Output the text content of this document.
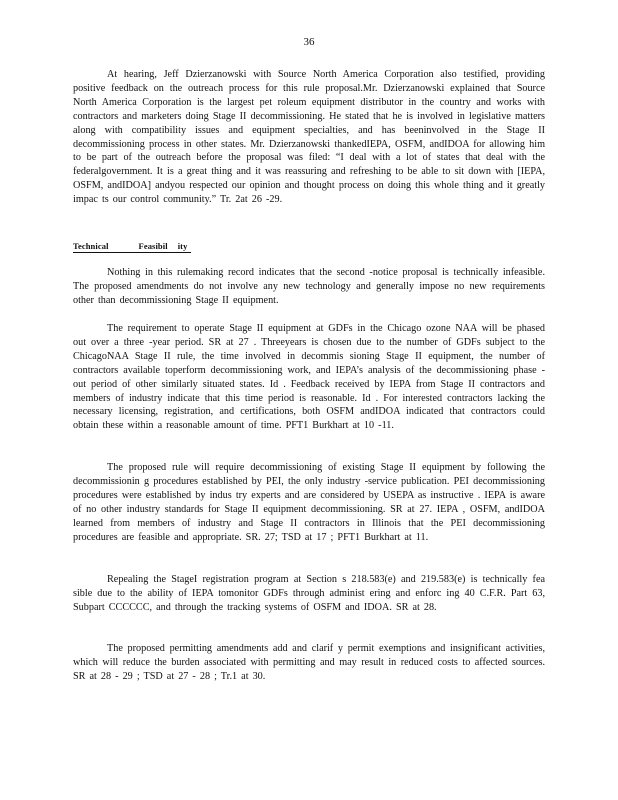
36

At hearing, Jeff Dzierzanowski with Source North America Corporation also testified, providing positive feedback on the outreach process for this rule proposal.Mr. Dzierzanowski explained that Source North America Corporation is the largest pet roleum equipment distributor in the country and works with contractors and marketers doing Stage II decommissioning. He stated that he is involved in legislative matters along with compatibility issues and equipment specialties, and has beeninvolved in the Stage II decommissioning process in other states. Mr. Dzierzanowski thankedIEPA, OSFM, andIDOA for allowing him to be part of the outreach before the proposal was filed: “I deal with a lot of states that deal with the federalgovernment. It is a great thing and it was reassuring and refreshing to be able to sit down with [IEPA, OSFM, andIDOA] andyou respected our opinion and thought process on doing this whole thing and it greatly impac ts our control community.” Tr. 2at 26 -29.

Technical	Feasibil ity

Nothing in this rulemaking record indicates that the second -notice proposal is technically infeasible. The proposed amendments do not involve any new technology and generally impose no new requirements other than decommissioning Stage II equipment.

The requirement to operate Stage II equipment at GDFs in the Chicago ozone NAA will be phased out over a three -year period. SR at 27 . Threeyears is chosen due to the number of GDFs subject to the ChicagoNAA Stage II rule, the time involved in decommis sioning Stage II equipment, the number of contractors available toperform decommissioning work, and IEPA’s analysis of the decommissioning phase -out period of other similarly situated states. Id . Feedback received by IEPA from Stage II contractors and members of industry indicate that this time period is reasonable. Id . For interested contractors lacking the necessary licensing, registration, and certifications, both OSFM andIDOA indicated that contractors could obtain these within a reasonable amount of time. PFT1 Burkhart at 10 -11.

The proposed rule will require decommissioning of existing Stage II equipment by following the decommissionin g procedures established by PEI, the only industry -service publication. PEI decommissioning procedures were established by indus try experts and are considered by USEPA as instructive . IEPA is aware of no other industry standards for Stage II equipment decommissioning. SR at 27. IEPA , OSFM, andIDOA learned from members of industry and Stage II contractors in Illinois that the PEI decommissioning procedures are feasible and appropriate. SR. 27; TSD at 17 ; PFT1 Burkhart at 11.

Repealing the StageI registration program at Section s 218.583(e) and 219.583(e) is technically fea sible due to the ability of IEPA tomonitor GDFs through administ ering and enforc ing 40 C.F.R. Part 63, Subpart CCCCCC, and through the tracking systems of OSFM and IDOA. SR at 28.

The proposed permitting amendments add and clarif y permit exemptions and insignificant activities, which will reduce the burden associated with permitting and may result in reduced costs to affected sources. SR at 28 - 29 ; TSD at 27 - 28 ; Tr.1 at 30.
